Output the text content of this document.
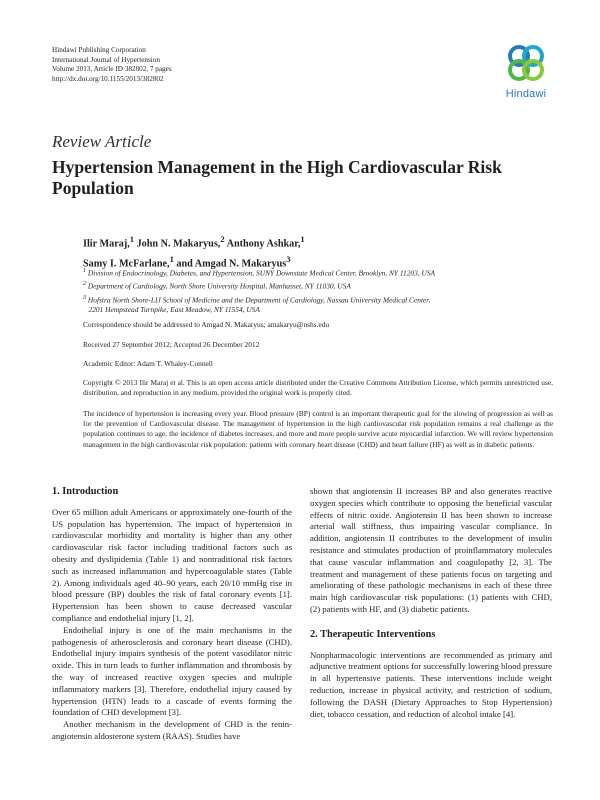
Hindawi Publishing Corporation
International Journal of Hypertension
Volume 2013, Article ID 382802, 7 pages
http://dx.doi.org/10.1155/2013/382802
Hindawi
Review Article
Hypertension Management in the High Cardiovascular Risk Population
Ilir Maraj,$^1$ John N. Makaryus,$^2$ Anthony Ashkar,$^1$
Samy I. McFarlane,$^1$ and Amgad N. Makaryus$^3$
$^1$ Division of Endocrinology, Diabetes, and Hypertension, SUNY Downstate Medical Center, Brooklyn, NY 11203, USA
$^2$ Department of Cardiology, North Shore University Hospital, Manhasset, NY 11030, USA
$^3$ Hofstra North Shore-LIJ School of Medicine and the Department of Cardiology, Nassau University Medical Center,
2201 Hempstead Turnpike, East Meadow, NY 11554, USA
Correspondence should be addressed to Amgad N. Makaryus; amakaryu@nshs.edu
Received 27 September 2012; Accepted 26 December 2012
Academic Editor: Adam T. Whaley-Connell
Copyright © 2013 Ilir Maraj et al. This is an open access article distributed under the Creative Commons Attribution License, which permits unrestricted use, distribution, and reproduction in any medium, provided the original work is properly cited.
The incidence of hypertension is increasing every year. Blood pressure (BP) control is an important therapeutic goal for the slowing of progression as well as for the prevention of Cardiovascular disease. The management of hypertension in the high cardiovascular risk population remains a real challenge as the population continues to age, the incidence of diabetes increases, and more and more people survive acute myocardial infarction. We will review hypertension management in the high cardiovascular risk population: patients with coronary heart disease (CHD) and heart failure (HF) as well as in diabetic patients.
1. Introduction

Over 65 million adult Americans or approximately one-fourth of the US population has hypertension. The impact of hypertension in cardiovascular morbidity and mortality is higher than any other cardiovascular risk factor including traditional factors such as obesity and dyslipidemia (Table 1) and nontraditional risk factors such as increased inflammation and hypercoagulable states (Table 2). Among individuals aged 40–90 years, each 20/10 mmHg rise in blood pressure (BP) doubles the risk of fatal coronary events [1]. Hypertension has been shown to cause decreased vascular compliance and endothelial injury [1, 2].

Endothelial injury is one of the main mechanisms in the pathogenesis of atherosclerosis and coronary heart disease (CHD). Endothelial injury impairs synthesis of the potent vasodilator nitric oxide. This in turn leads to further inflammation and thrombosis by the way of increased reactive oxygen species and multiple inflammatory markers [3]. Therefore, endothelial injury caused by hypertension (HTN) leads to a cascade of events forming the foundation of CHD development [3].

Another mechanism in the development of CHD is the renin-angiotensin aldosterone system (RAAS). Studies have

shown that angiotensin II increases BP and also generates reactive oxygen species which contribute to opposing the beneficial vascular effects of nitric oxide. Angiotensin II has been shown to increase arterial wall stiffness, thus impairing vascular compliance. In addition, angiotensin II contributes to the development of insulin resistance and stimulates production of proinflammatory molecules that cause vascular inflammation and coagulopathy [2, 3]. The treatment and management of these patients focus on targeting and ameliorating of these pathologic mechanisms in each of these three main high cardiovascular risk populations: (1) patients with CHD, (2) patients with HF, and (3) diabetic patients.

2. Therapeutic Interventions

Nonpharmacologic interventions are recommended as primary and adjunctive treatment options for successfully lowering blood pressure in all hypertensive patients. These interventions include weight reduction, increase in physical activity, and restriction of sodium, following the DASH (Dietary Approaches to Stop Hypertension) diet, tobacco cessation, and reduction of alcohol intake [4].
